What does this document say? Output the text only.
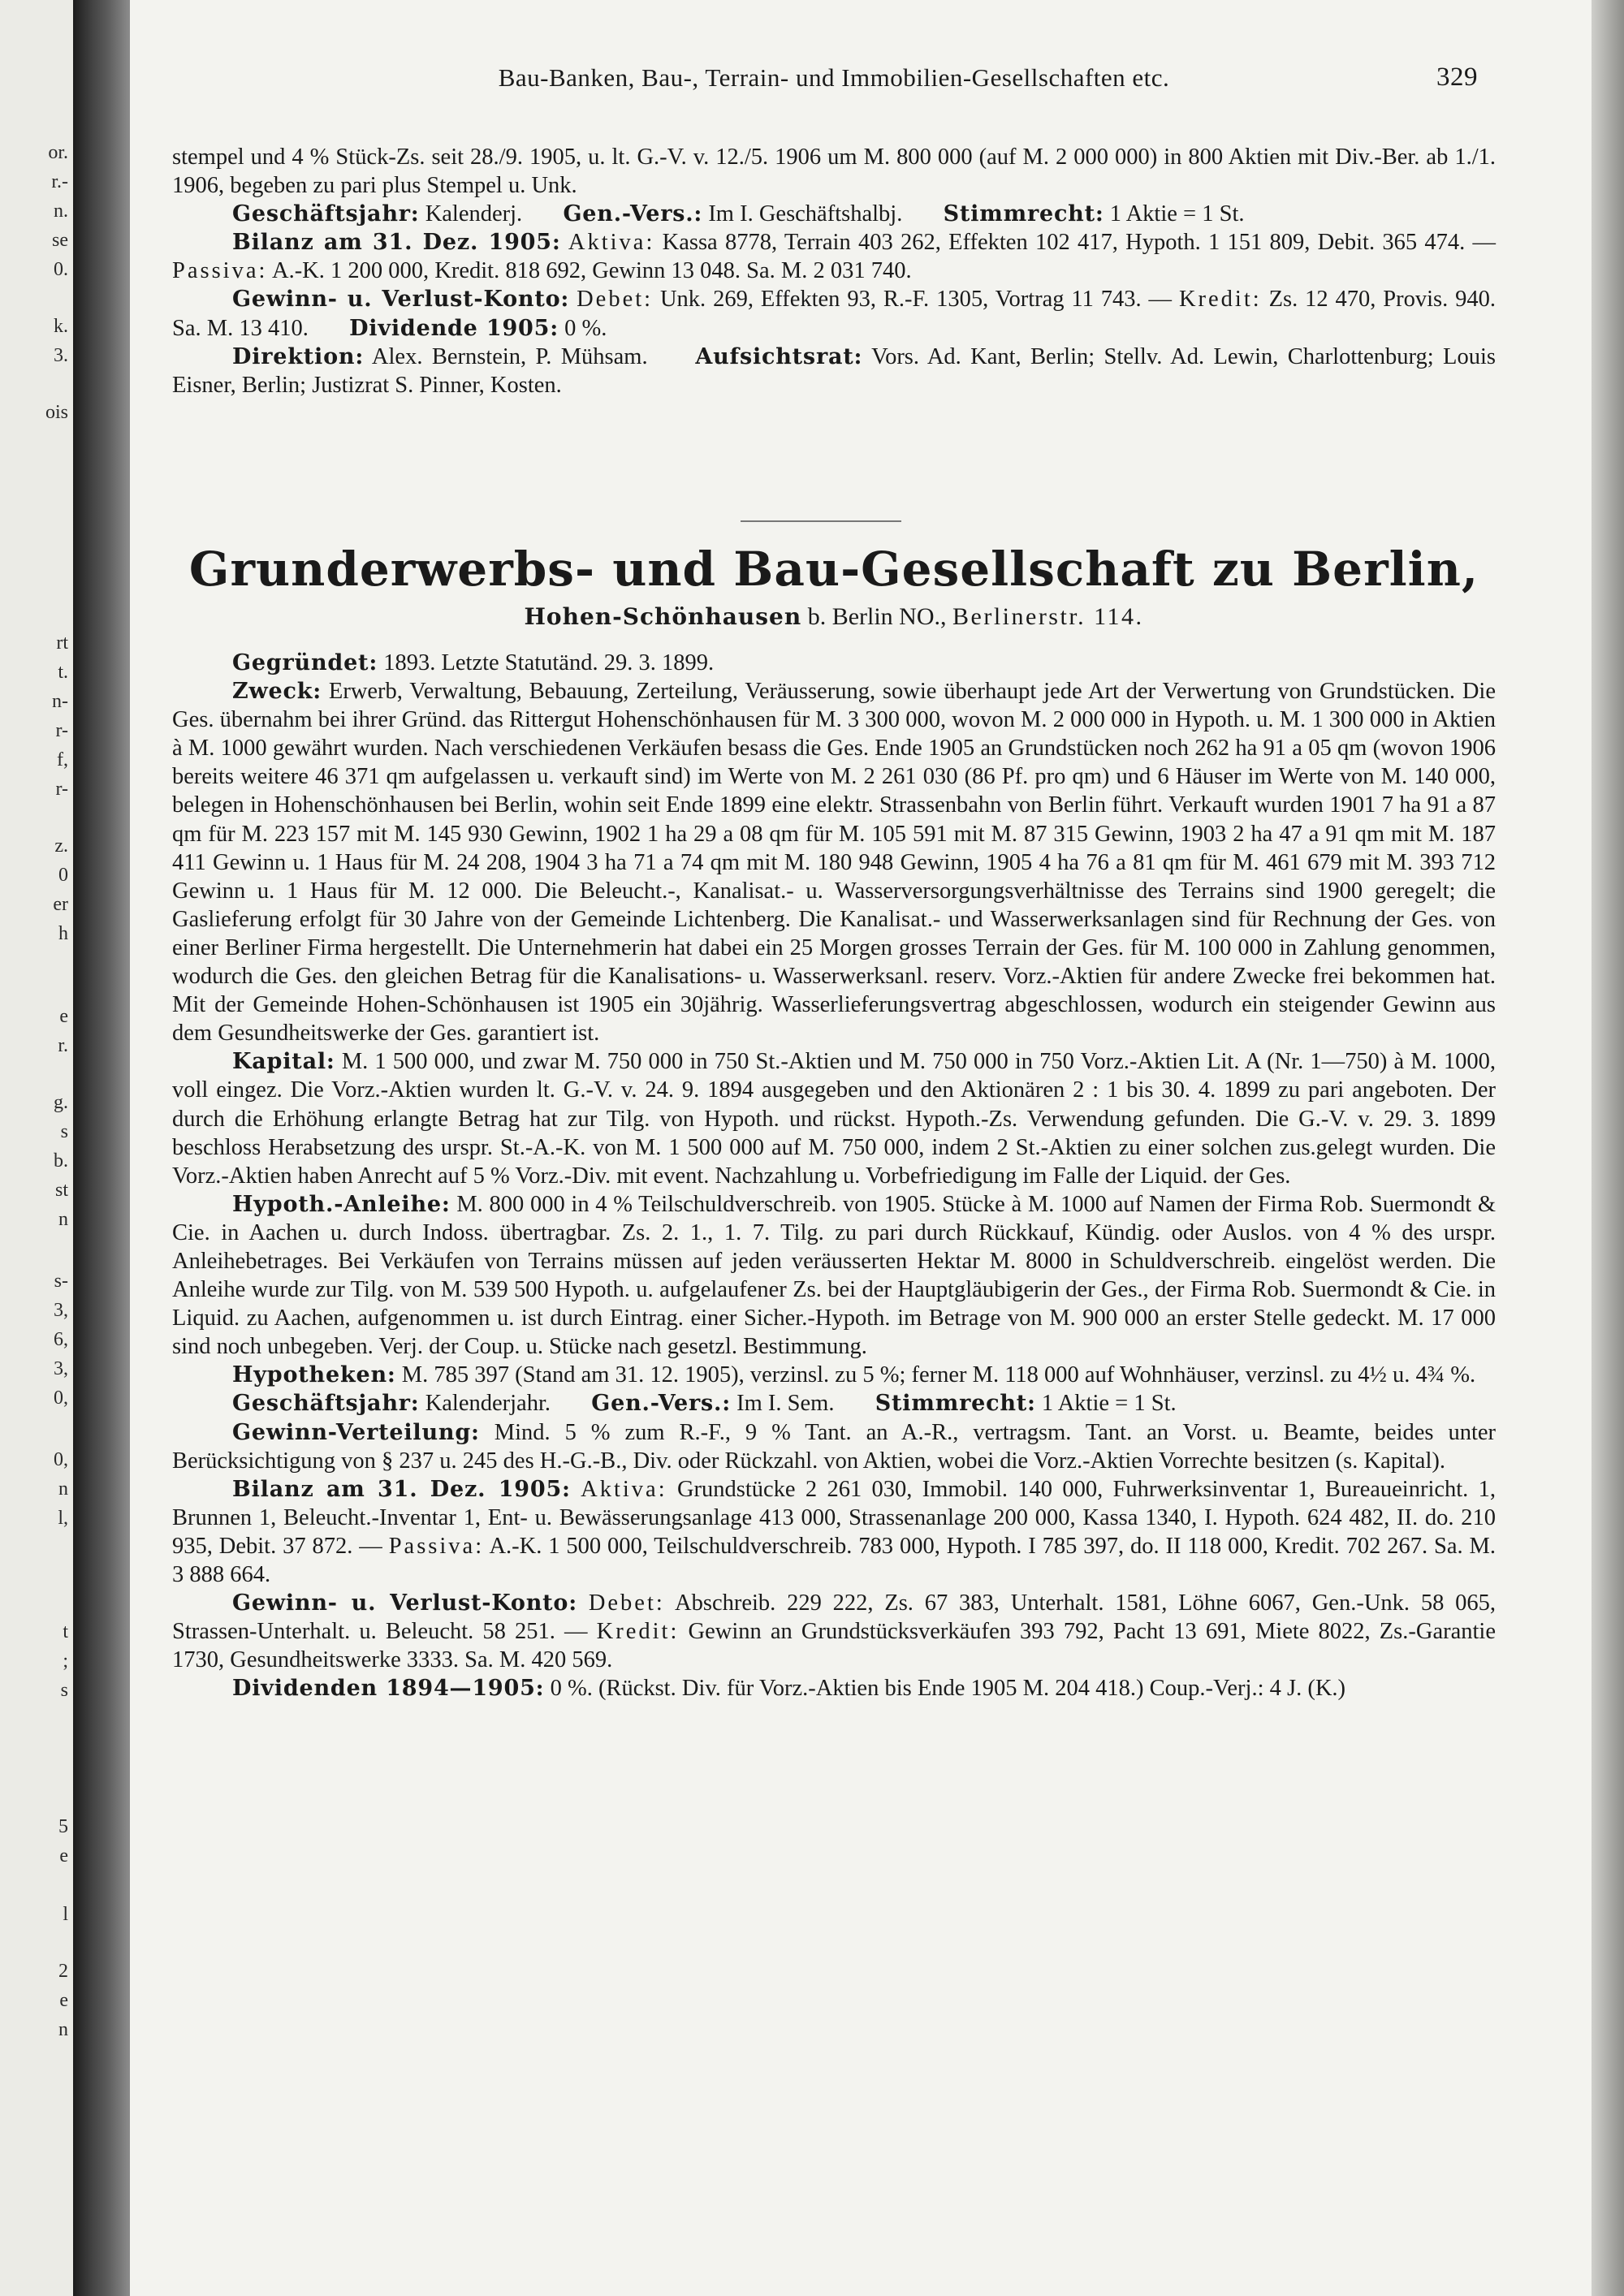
or.
r.-
n.
se
0.
k.
3.
ois
rt
t.
n-
r-
f,
r-
z.
0
er
h
e
r.
g.
s
b.
st
n
s-
3,
6,
3,
0,
0,
n
l,
t
;
s
5
e
l
2
e
n
Bau-Banken, Bau-, Terrain- und Immobilien-Gesellschaften etc.	329

stempel und 4 % Stück-Zs. seit 28./9. 1905, u. lt. G.-V. v. 12./5. 1906 um M. 800 000 (auf M. 2 000 000) in 800 Aktien mit Div.-Ber. ab 1./1. 1906, begeben zu pari plus Stempel u. Unk.

Geschäftsjahr: Kalenderj. Gen.-Vers.: Im I. Geschäftshalbj. Stimmrecht: 1 Aktie = 1 St.

Bilanz am 31. Dez. 1905: Aktiva: Kassa 8778, Terrain 403 262, Effekten 102 417, Hypoth. 1 151 809, Debit. 365 474. — Passiva: A.-K. 1 200 000, Kredit. 818 692, Gewinn 13 048. Sa. M. 2 031 740.

Gewinn- u. Verlust-Konto: Debet: Unk. 269, Effekten 93, R.-F. 1305, Vortrag 11 743. — Kredit: Zs. 12 470, Provis. 940. Sa. M. 13 410. Dividende 1905: 0 %.

Direktion: Alex. Bernstein, P. Mühsam. Aufsichtsrat: Vors. Ad. Kant, Berlin; Stellv. Ad. Lewin, Charlottenburg; Louis Eisner, Berlin; Justizrat S. Pinner, Kosten.

Grunderwerbs- und Bau-Gesellschaft zu Berlin,
Hohen-Schönhausen b. Berlin NO., Berlinerstr. 114.

Gegründet: 1893. Letzte Statutänd. 29. 3. 1899.

Zweck: Erwerb, Verwaltung, Bebauung, Zerteilung, Veräusserung, sowie überhaupt jede Art der Verwertung von Grundstücken. Die Ges. übernahm bei ihrer Gründ. das Rittergut Hohenschönhausen für M. 3 300 000, wovon M. 2 000 000 in Hypoth. u. M. 1 300 000 in Aktien à M. 1000 gewährt wurden. Nach verschiedenen Verkäufen besass die Ges. Ende 1905 an Grundstücken noch 262 ha 91 a 05 qm (wovon 1906 bereits weitere 46 371 qm aufgelassen u. verkauft sind) im Werte von M. 2 261 030 (86 Pf. pro qm) und 6 Häuser im Werte von M. 140 000, belegen in Hohenschönhausen bei Berlin, wohin seit Ende 1899 eine elektr. Strassenbahn von Berlin führt. Verkauft wurden 1901 7 ha 91 a 87 qm für M. 223 157 mit M. 145 930 Gewinn, 1902 1 ha 29 a 08 qm für M. 105 591 mit M. 87 315 Gewinn, 1903 2 ha 47 a 91 qm mit M. 187 411 Gewinn u. 1 Haus für M. 24 208, 1904 3 ha 71 a 74 qm mit M. 180 948 Gewinn, 1905 4 ha 76 a 81 qm für M. 461 679 mit M. 393 712 Gewinn u. 1 Haus für M. 12 000. Die Beleucht.-, Kanalisat.- u. Wasserversorgungsverhältnisse des Terrains sind 1900 geregelt; die Gaslieferung erfolgt für 30 Jahre von der Gemeinde Lichtenberg. Die Kanalisat.- und Wasserwerksanlagen sind für Rechnung der Ges. von einer Berliner Firma hergestellt. Die Unternehmerin hat dabei ein 25 Morgen grosses Terrain der Ges. für M. 100 000 in Zahlung genommen, wodurch die Ges. den gleichen Betrag für die Kanalisations- u. Wasserwerksanl. reserv. Vorz.-Aktien für andere Zwecke frei bekommen hat. Mit der Gemeinde Hohen-Schönhausen ist 1905 ein 30jährig. Wasserlieferungsvertrag abgeschlossen, wodurch ein steigender Gewinn aus dem Gesundheitswerke der Ges. garantiert ist.

Kapital: M. 1 500 000, und zwar M. 750 000 in 750 St.-Aktien und M. 750 000 in 750 Vorz.-Aktien Lit. A (Nr. 1—750) à M. 1000, voll eingez. Die Vorz.-Aktien wurden lt. G.-V. v. 24. 9. 1894 ausgegeben und den Aktionären 2 : 1 bis 30. 4. 1899 zu pari angeboten. Der durch die Erhöhung erlangte Betrag hat zur Tilg. von Hypoth. und rückst. Hypoth.-Zs. Verwendung gefunden. Die G.-V. v. 29. 3. 1899 beschloss Herabsetzung des urspr. St.-A.-K. von M. 1 500 000 auf M. 750 000, indem 2 St.-Aktien zu einer solchen zus.gelegt wurden. Die Vorz.-Aktien haben Anrecht auf 5 % Vorz.-Div. mit event. Nachzahlung u. Vorbefriedigung im Falle der Liquid. der Ges.

Hypoth.-Anleihe: M. 800 000 in 4 % Teilschuldverschreib. von 1905. Stücke à M. 1000 auf Namen der Firma Rob. Suermondt & Cie. in Aachen u. durch Indoss. übertragbar. Zs. 2. 1., 1. 7. Tilg. zu pari durch Rückkauf, Kündig. oder Auslos. von 4 % des urspr. Anleihebetrages. Bei Verkäufen von Terrains müssen auf jeden veräusserten Hektar M. 8000 in Schuldverschreib. eingelöst werden. Die Anleihe wurde zur Tilg. von M. 539 500 Hypoth. u. aufgelaufener Zs. bei der Hauptgläubigerin der Ges., der Firma Rob. Suermondt & Cie. in Liquid. zu Aachen, aufgenommen u. ist durch Eintrag. einer Sicher.-Hypoth. im Betrage von M. 900 000 an erster Stelle gedeckt. M. 17 000 sind noch unbegeben. Verj. der Coup. u. Stücke nach gesetzl. Bestimmung.

Hypotheken: M. 785 397 (Stand am 31. 12. 1905), verzinsl. zu 5 %; ferner M. 118 000 auf Wohnhäuser, verzinsl. zu 4½ u. 4¾ %.

Geschäftsjahr: Kalenderjahr. Gen.-Vers.: Im I. Sem. Stimmrecht: 1 Aktie = 1 St.

Gewinn-Verteilung: Mind. 5 % zum R.-F., 9 % Tant. an A.-R., vertragsm. Tant. an Vorst. u. Beamte, beides unter Berücksichtigung von § 237 u. 245 des H.-G.-B., Div. oder Rückzahl. von Aktien, wobei die Vorz.-Aktien Vorrechte besitzen (s. Kapital).

Bilanz am 31. Dez. 1905: Aktiva: Grundstücke 2 261 030, Immobil. 140 000, Fuhrwerksinventar 1, Bureaueinricht. 1, Brunnen 1, Beleucht.-Inventar 1, Ent- u. Bewässerungsanlage 413 000, Strassenanlage 200 000, Kassa 1340, I. Hypoth. 624 482, II. do. 210 935, Debit. 37 872. — Passiva: A.-K. 1 500 000, Teilschuldverschreib. 783 000, Hypoth. I 785 397, do. II 118 000, Kredit. 702 267. Sa. M. 3 888 664.

Gewinn- u. Verlust-Konto: Debet: Abschreib. 229 222, Zs. 67 383, Unterhalt. 1581, Löhne 6067, Gen.-Unk. 58 065, Strassen-Unterhalt. u. Beleucht. 58 251. — Kredit: Gewinn an Grundstücksverkäufen 393 792, Pacht 13 691, Miete 8022, Zs.-Garantie 1730, Gesundheitswerke 3333. Sa. M. 420 569.

Dividenden 1894—1905: 0 %. (Rückst. Div. für Vorz.-Aktien bis Ende 1905 M. 204 418.) Coup.-Verj.: 4 J. (K.)
